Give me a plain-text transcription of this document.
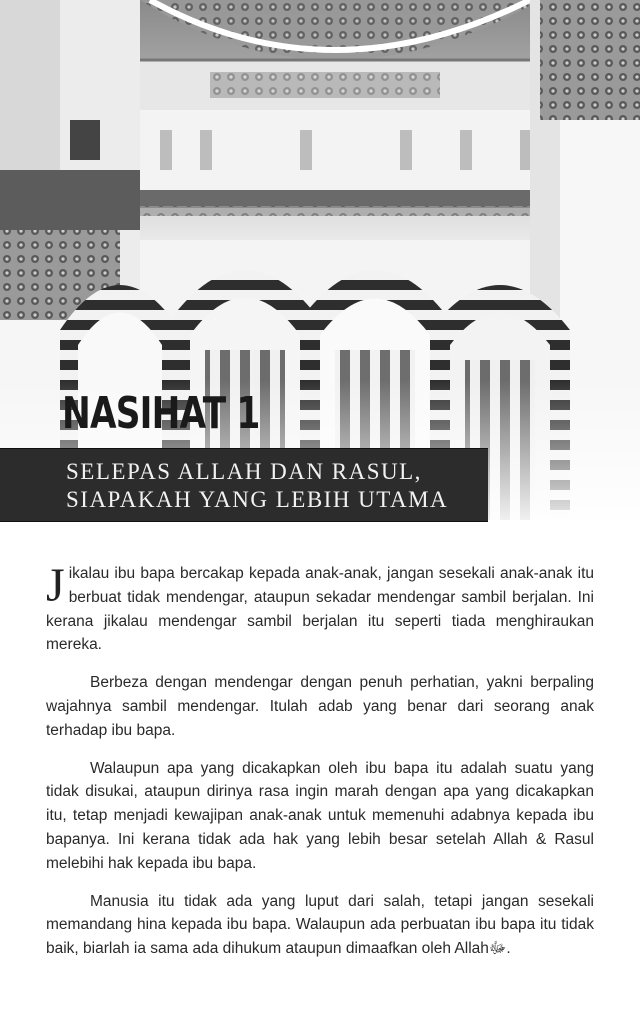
NASIHAT 1
SELEPAS ALLAH DAN RASUL,
SIAPAKAH YANG LEBIH UTAMA

Jikalau ibu bapa bercakap kepada anak-anak, jangan sesekali anak-anak itu berbuat tidak mendengar, ataupun sekadar mendengar sambil berjalan. Ini kerana jikalau mendengar sambil berjalan itu seperti tiada menghiraukan mereka.

Berbeza dengan mendengar dengan penuh perhatian, yakni berpaling wajahnya sambil mendengar. Itulah adab yang benar dari seorang anak terhadap ibu bapa.

Walaupun apa yang dicakapkan oleh ibu bapa itu adalah suatu yang tidak disukai, ataupun dirinya rasa ingin marah dengan apa yang dicakapkan itu, tetap menjadi kewajipan anak-anak untuk memenuhi adabnya kepada ibu bapanya. Ini kerana tidak ada hak yang lebih besar setelah Allah & Rasul melebihi hak kepada ibu bapa.

Manusia itu tidak ada yang luput dari salah, tetapi jangan sesekali memandang hina kepada ibu bapa. Walaupun ada perbuatan ibu bapa itu tidak baik, biarlah ia sama ada dihukum ataupun dimaafkan oleh Allahﷻ.
